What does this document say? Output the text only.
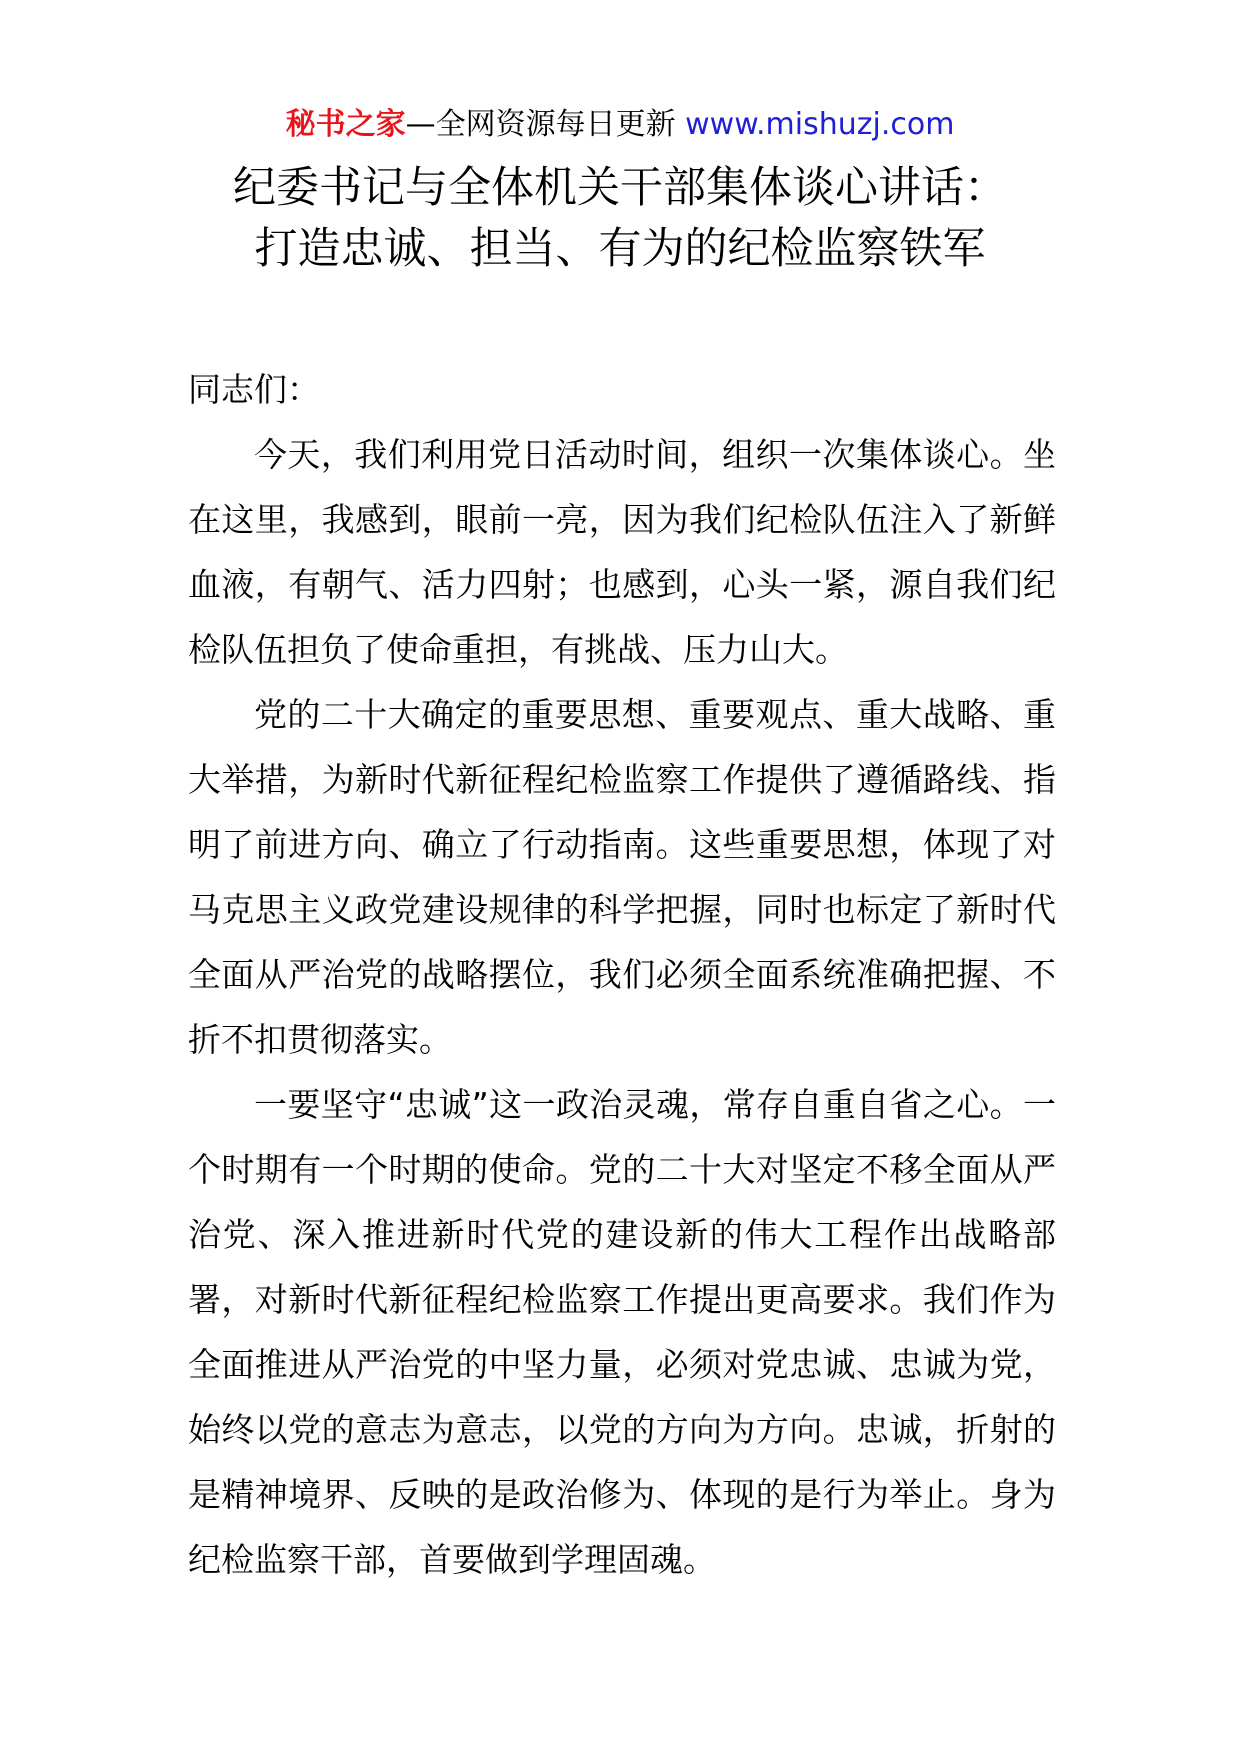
秘书之家—全网资源每日更新 www.mishuzj.com
纪委书记与全体机关干部集体谈心讲话：
打造忠诚、担当、有为的纪检监察铁军

同志们：

今天，我们利用党日活动时间，组织一次集体谈心。坐在这里，我感到，眼前一亮，因为我们纪检队伍注入了新鲜血液，有朝气、活力四射；也感到，心头一紧，源自我们纪检队伍担负了使命重担，有挑战、压力山大。

党的二十大确定的重要思想、重要观点、重大战略、重大举措，为新时代新征程纪检监察工作提供了遵循路线、指明了前进方向、确立了行动指南。这些重要思想，体现了对马克思主义政党建设规律的科学把握，同时也标定了新时代全面从严治党的战略摆位，我们必须全面系统准确把握、不折不扣贯彻落实。

一要坚守“忠诚”这一政治灵魂，常存自重自省之心。一个时期有一个时期的使命。党的二十大对坚定不移全面从严治党、深入推进新时代党的建设新的伟大工程作出战略部署，对新时代新征程纪检监察工作提出更高要求。我们作为全面推进从严治党的中坚力量，必须对党忠诚、忠诚为党，始终以党的意志为意志，以党的方向为方向。忠诚，折射的是精神境界、反映的是政治修为、体现的是行为举止。身为纪检监察干部，首要做到学理固魂。
